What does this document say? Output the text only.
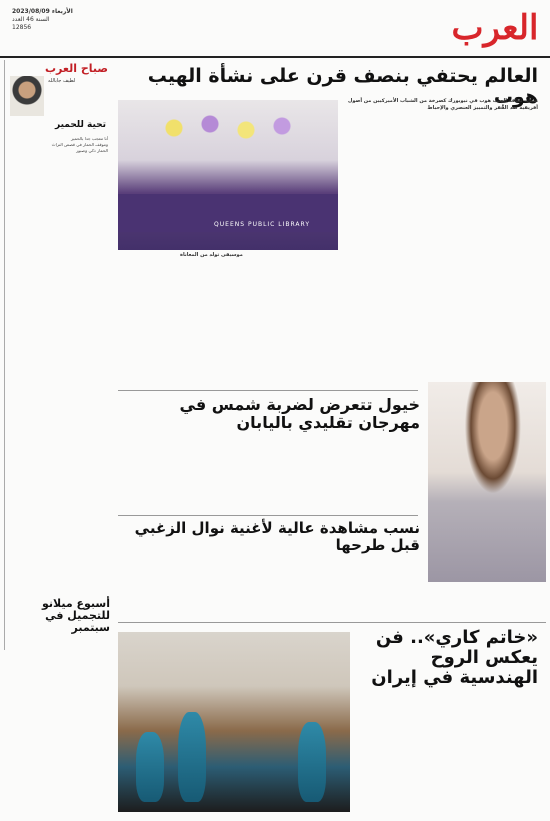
العرب
الأربعاء 2023/08/09
السنة 46 العدد
12856
صباح العرب
لطيف جابالله
تحية للحمير
أنا معجب جدا بالحمير
وموقف الحمار في قصص التراث
الحمار ذكي وصبور
العالم يحتفي بنصف قرن على نشأة الهيب هوب
نشأت ثقافة الهيب هوب في نيويورك كصرخة من الشباب الأميركيين من أصول أفريقية ضد الفقر والتمييز العنصري والإحباط
QUEENS PUBLIC LIBRARY
موسيقى تولد من المعاناة
خيول تتعرض لضربة شمس في مهرجان تقليدي باليابان
نسب مشاهدة عالية لأغنية نوال الزغبي قبل طرحها
أسبوع ميلانو للتجميل في سبتمبر	«خاتم كاري».. فن يعكس الروح الهندسية في إيران
